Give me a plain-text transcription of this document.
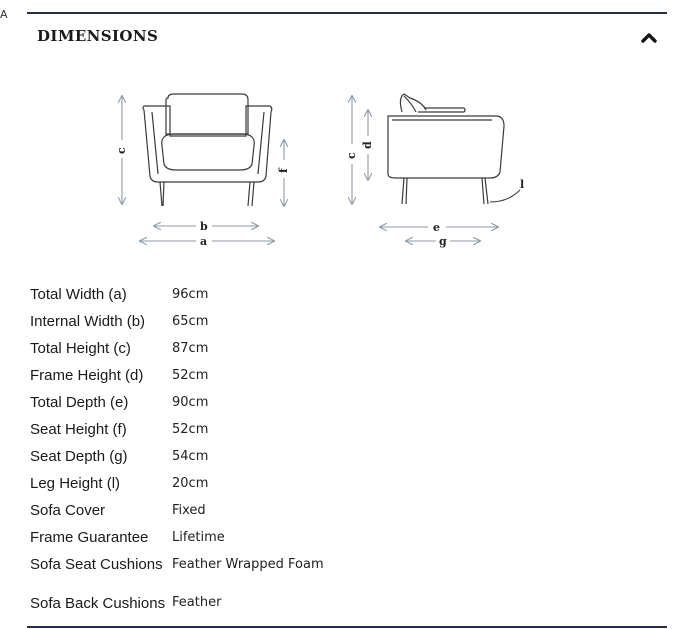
A
DIMENSIONS
c
f
b
a
c
d
l
e
g
Total Width (a)	96cm
Internal Width (b)	65cm
Total Height (c)	87cm
Frame Height (d)	52cm
Total Depth (e)	90cm
Seat Height (f)	52cm
Seat Depth (g)	54cm
Leg Height (l)	20cm
Sofa Cover	Fixed
Frame Guarantee	Lifetime
Sofa Seat Cushions	Feather Wrapped Foam
Sofa Back Cushions	Feather
